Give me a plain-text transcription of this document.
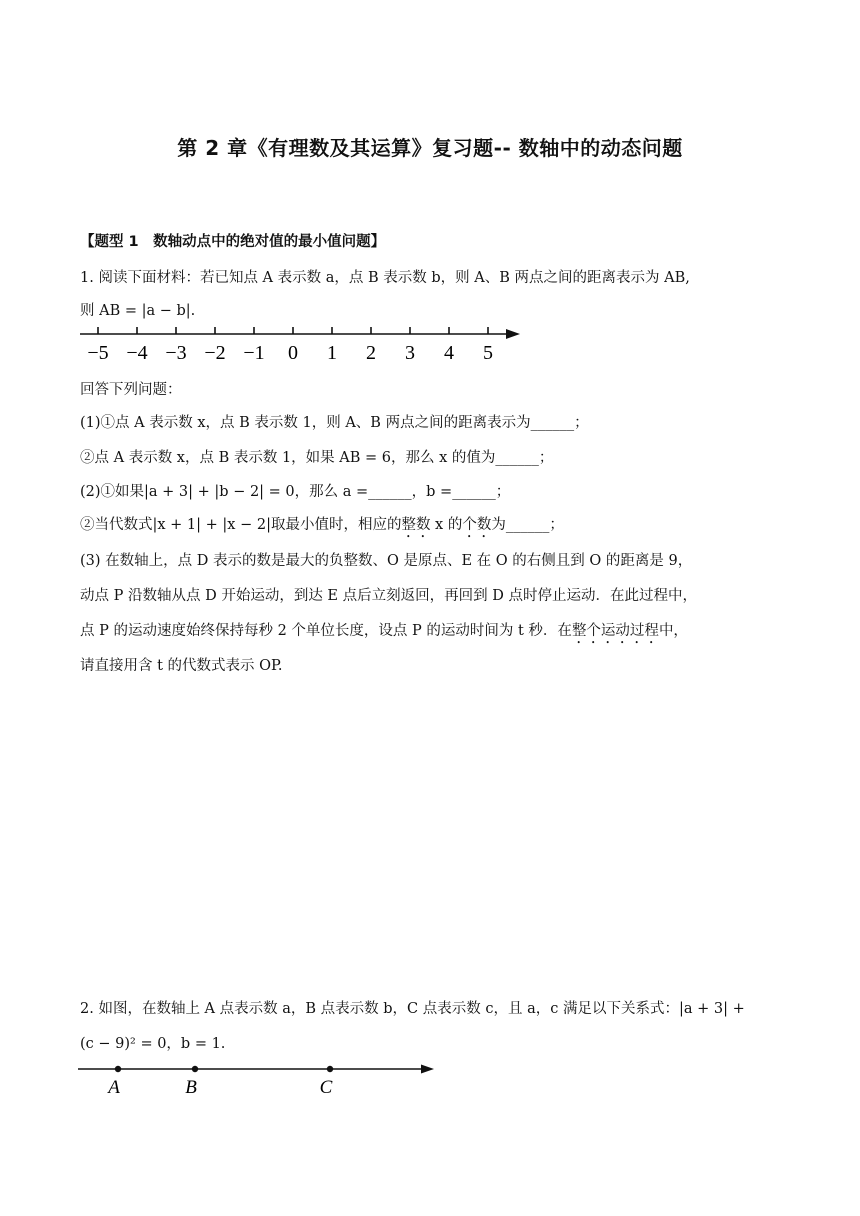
第 2 章《有理数及其运算》复习题-- 数轴中的动态问题
【题型 1　数轴动点中的绝对值的最小值问题】
1. 阅读下面材料：若已知点 A 表示数 a，点 B 表示数 b，则 A、B 两点之间的距离表示为 AB,
则 AB = |a − b|.
−5 −4 −3 −2 −1 0 1 2 3 4 5
回答下列问题：
(1)①点 A 表示数 x，点 B 表示数 1，则 A、B 两点之间的距离表示为______；
②点 A 表示数 x，点 B 表示数 1，如果 AB = 6，那么 x 的值为______；
(2)①如果|a + 3| + |b − 2| = 0，那么 a =______，b =______；
②当代数式|x + 1| + |x − 2|取最小值时，相应的整数 x 的个数为______；
(3) 在数轴上，点 D 表示的数是最大的负整数、O 是原点、E 在 O 的右侧且到 O 的距离是 9，
动点 P 沿数轴从点 D 开始运动，到达 E 点后立刻返回，再回到 D 点时停止运动．在此过程中，
点 P 的运动速度始终保持每秒 2 个单位长度，设点 P 的运动时间为 t 秒．在整个运动过程中，
请直接用含 t 的代数式表示 OP.
2. 如图，在数轴上 A 点表示数 a，B 点表示数 b，C 点表示数 c，且 a，c 满足以下关系式：|a + 3| +
(c − 9)² = 0，b = 1.
A	B	C
